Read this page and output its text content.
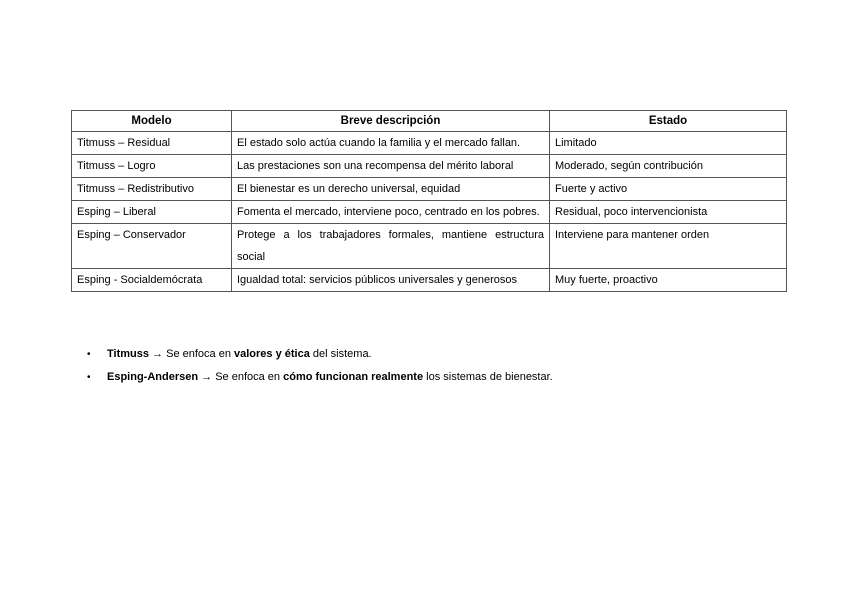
Modelo	Breve descripción	Estado
Titmuss – Residual	El estado solo actúa cuando la familia y el mercado fallan.	Limitado
Titmuss – Logro	Las prestaciones son una recompensa del mérito laboral	Moderado, según contribución
Titmuss – Redistributivo	El bienestar es un derecho universal, equidad	Fuerte y activo
Esping – Liberal	Fomenta el mercado, interviene poco, centrado en los pobres.	Residual, poco intervencionista
Esping – Conservador	Protege a los trabajadores formales, mantiene estructura social	Interviene para mantener orden
Esping - Socialdemócrata	Igualdad total: servicios públicos universales y generosos	Muy fuerte, proactivo
• Titmuss → Se enfoca en valores y ética del sistema.
• Esping-Andersen → Se enfoca en cómo funcionan realmente los sistemas de bienestar.
